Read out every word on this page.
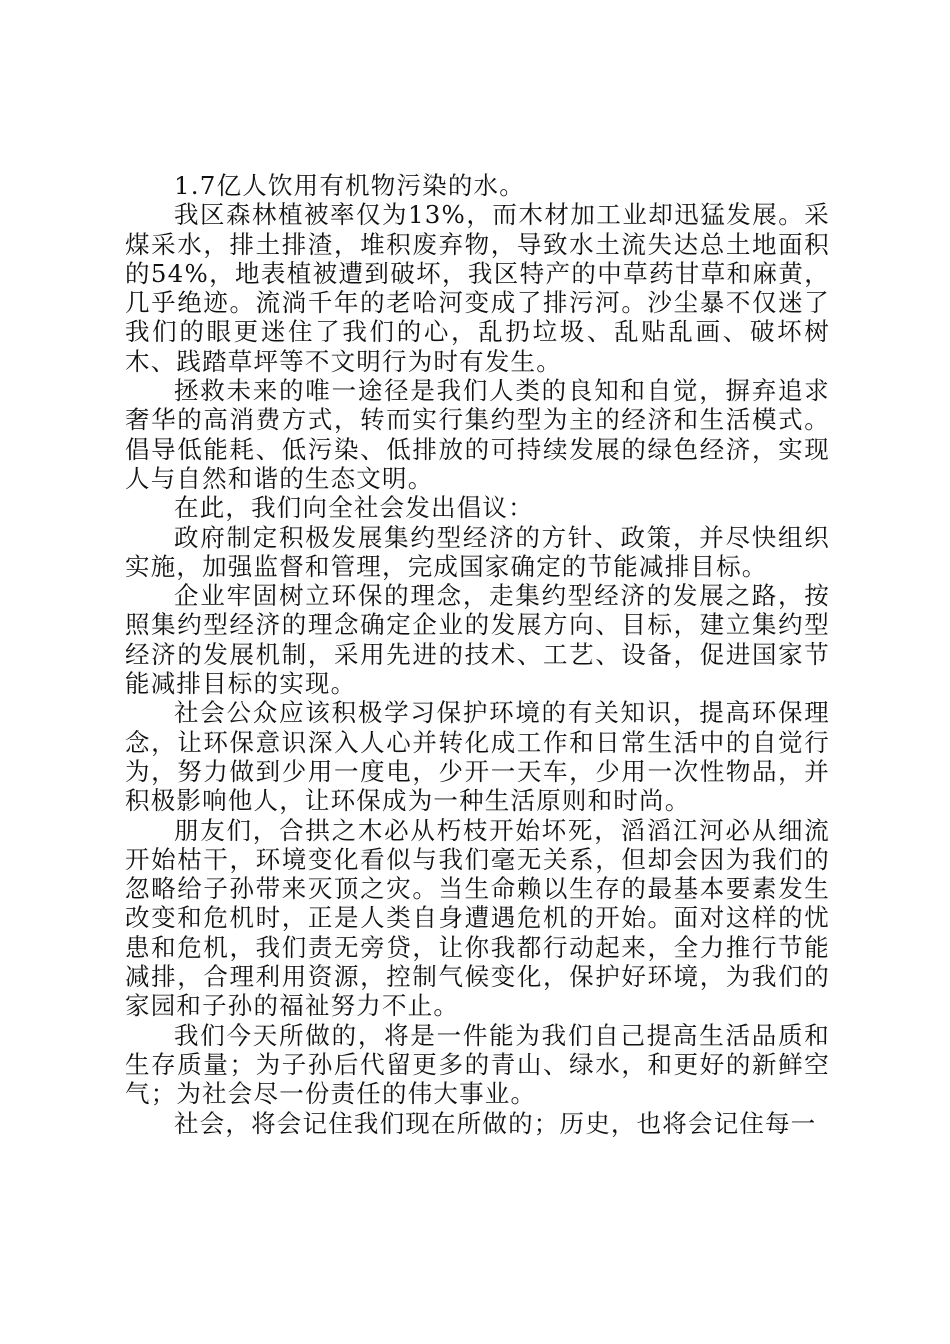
1.7亿人饮用有机物污染的水。

我区森林植被率仅为13%，而木材加工业却迅猛发展。采煤采水，排土排渣，堆积废弃物，导致水土流失达总土地面积的54%，地表植被遭到破坏，我区特产的中草药甘草和麻黄，几乎绝迹。流淌千年的老哈河变成了排污河。沙尘暴不仅迷了我们的眼更迷住了我们的心，乱扔垃圾、乱贴乱画、破坏树木、践踏草坪等不文明行为时有发生。

拯救未来的唯一途径是我们人类的良知和自觉，摒弃追求奢华的高消费方式，转而实行集约型为主的经济和生活模式。倡导低能耗、低污染、低排放的可持续发展的绿色经济，实现人与自然和谐的生态文明。

在此，我们向全社会发出倡议：

政府制定积极发展集约型经济的方针、政策，并尽快组织实施，加强监督和管理，完成国家确定的节能减排目标。

企业牢固树立环保的理念，走集约型经济的发展之路，按照集约型经济的理念确定企业的发展方向、目标，建立集约型经济的发展机制，采用先进的技术、工艺、设备，促进国家节能减排目标的实现。

社会公众应该积极学习保护环境的有关知识，提高环保理念，让环保意识深入人心并转化成工作和日常生活中的自觉行为，努力做到少用一度电，少开一天车，少用一次性物品，并积极影响他人，让环保成为一种生活原则和时尚。

朋友们，合拱之木必从朽枝开始坏死，滔滔江河必从细流开始枯干，环境变化看似与我们毫无关系，但却会因为我们的忽略给子孙带来灭顶之灾。当生命赖以生存的最基本要素发生改变和危机时，正是人类自身遭遇危机的开始。面对这样的忧患和危机，我们责无旁贷，让你我都行动起来，全力推行节能减排，合理利用资源，控制气候变化，保护好环境，为我们的家园和子孙的福祉努力不止。

我们今天所做的，将是一件能为我们自己提高生活品质和生存质量；为子孙后代留更多的青山、绿水，和更好的新鲜空气；为社会尽一份责任的伟大事业。

社会，将会记住我们现在所做的；历史，也将会记住每一
